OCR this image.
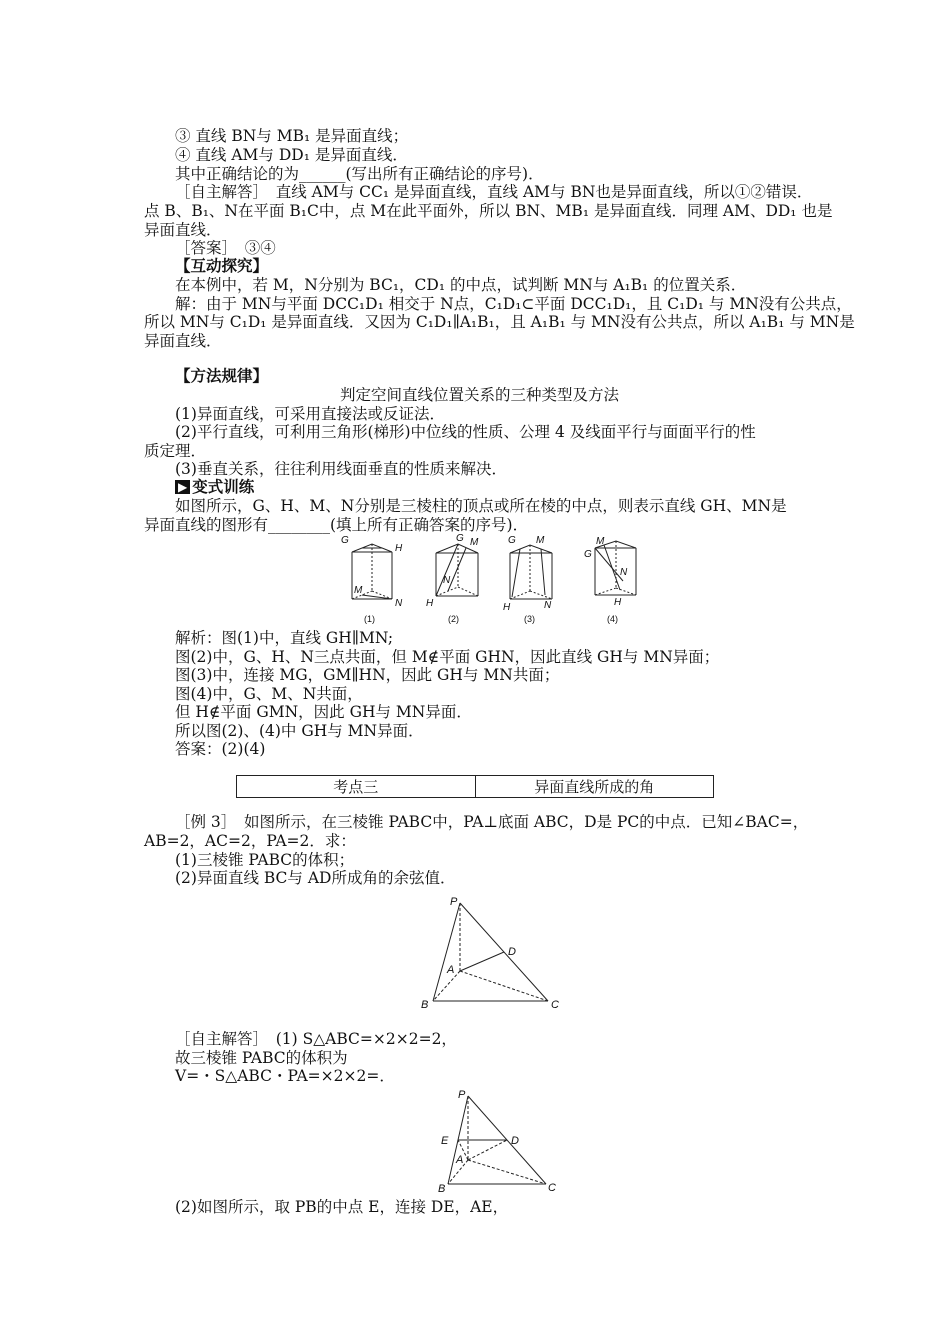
③ 直线 BN与 MB₁ 是异面直线；
④ 直线 AM与 DD₁ 是异面直线．
其中正确结论的为______(写出所有正确结论的序号)．
［自主解答］　直线 AM与 CC₁ 是异面直线，直线 AM与 BN也是异面直线，所以①②错误．
点 B、B₁、N在平面 B₁C中，点 M在此平面外，所以 BN、MB₁ 是异面直线．同理 AM、DD₁ 也是
异面直线．
［答案］　③④
【互动探究】
在本例中，若 M，N分别为 BC₁，CD₁ 的中点，试判断 MN与 A₁B₁ 的位置关系．
解：由于 MN与平面 DCC₁D₁ 相交于 N点，C₁D₁⊂平面 DCC₁D₁，且 C₁D₁ 与 MN没有公共点，
所以 MN与 C₁D₁ 是异面直线．又因为 C₁D₁∥A₁B₁，且 A₁B₁ 与 MN没有公共点，所以 A₁B₁ 与 MN是
异面直线．
【方法规律】
判定空间直线位置关系的三种类型及方法
(1)异面直线，可采用直接法或反证法．
(2)平行直线，可利用三角形(梯形)中位线的性质、公理 4 及线面平行与面面平行的性
质定理．
(3)垂直关系，往往利用线面垂直的性质来解决．
▶ 变式训练
如图所示，G、H、M、N分别是三棱柱的顶点或所在棱的中点，则表示直线 GH、MN是
异面直线的图形有________(填上所有正确答案的序号)．
G
H
M
N
(1)
G M
N
H
(2)
G M
H	N
(3)
M
G
N
H
(4)
解析：图(1)中，直线 GH∥MN;
图(2)中，G、H、N三点共面，但 M∉平面 GHN，因此直线 GH与 MN异面；
图(3)中，连接 MG，GM∥HN，因此 GH与 MN共面；
图(4)中，G、M、N共面，
但 H∉平面 GMN，因此 GH与 MN异面．
所以图(2)、(4)中 GH与 MN异面．
答案：(2)(4)
考点三	异面直线所成的角
［例 3］　如图所示，在三棱锥 PABC中，PA⊥底面 ABC，D是 PC的中点．已知∠BAC=，
AB=2，AC=2，PA=2．求：
(1)三棱锥 PABC的体积；
(2)异面直线 BC与 AD所成角的余弦值．
P
D
A
B	C
［自主解答］　(1) S△ABC=×2×2=2，
故三棱锥 PABC的体积为
V=・S△ABC・PA=×2×2=．
P
E	D
A
B	C
(2)如图所示，取 PB的中点 E，连接 DE，AE，
